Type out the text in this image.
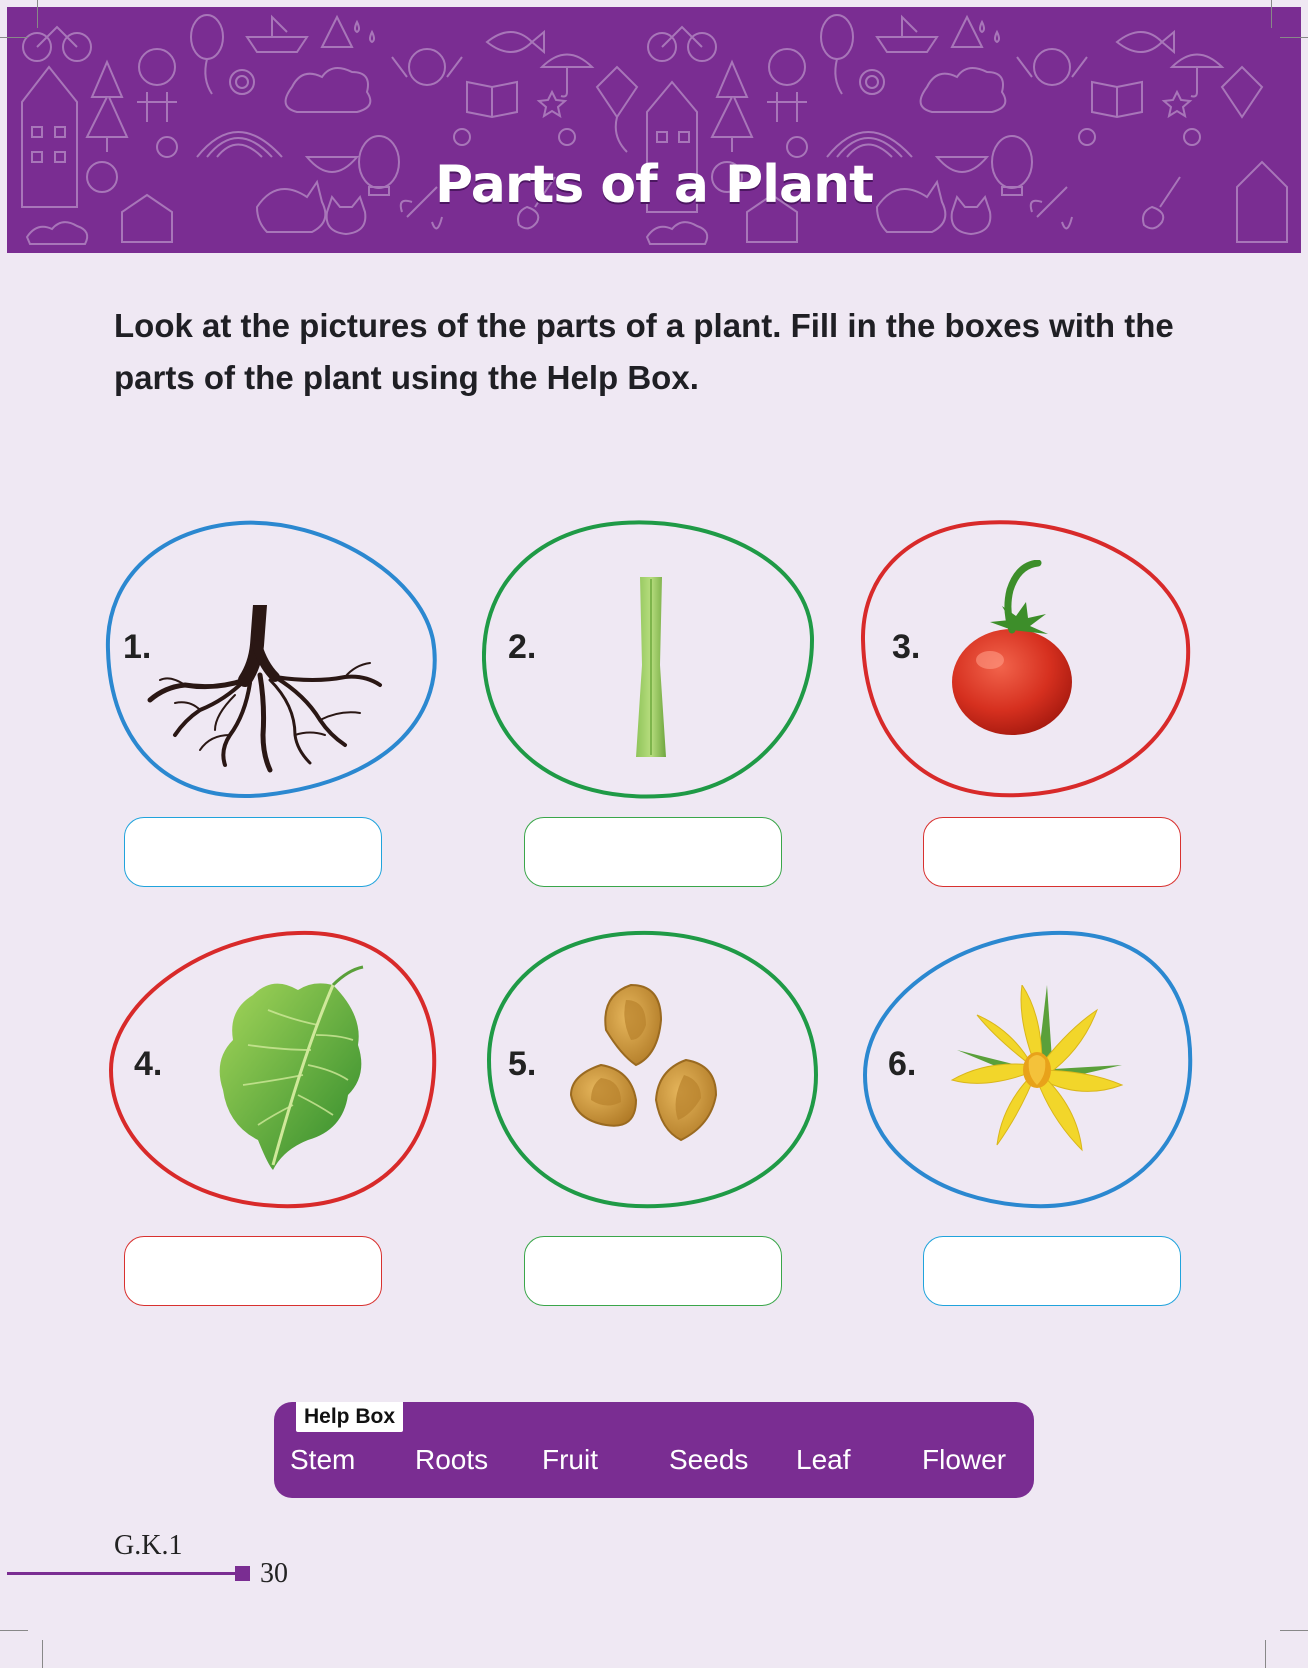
Parts of a Plant
Look at the pictures of the parts of a plant. Fill in the boxes with the parts of the plant using the Help Box.
1.	2.	3.
4.	5.	6.
Help Box
Stem Roots Fruit	Seeds Leaf	Flower
G.K.1
30
